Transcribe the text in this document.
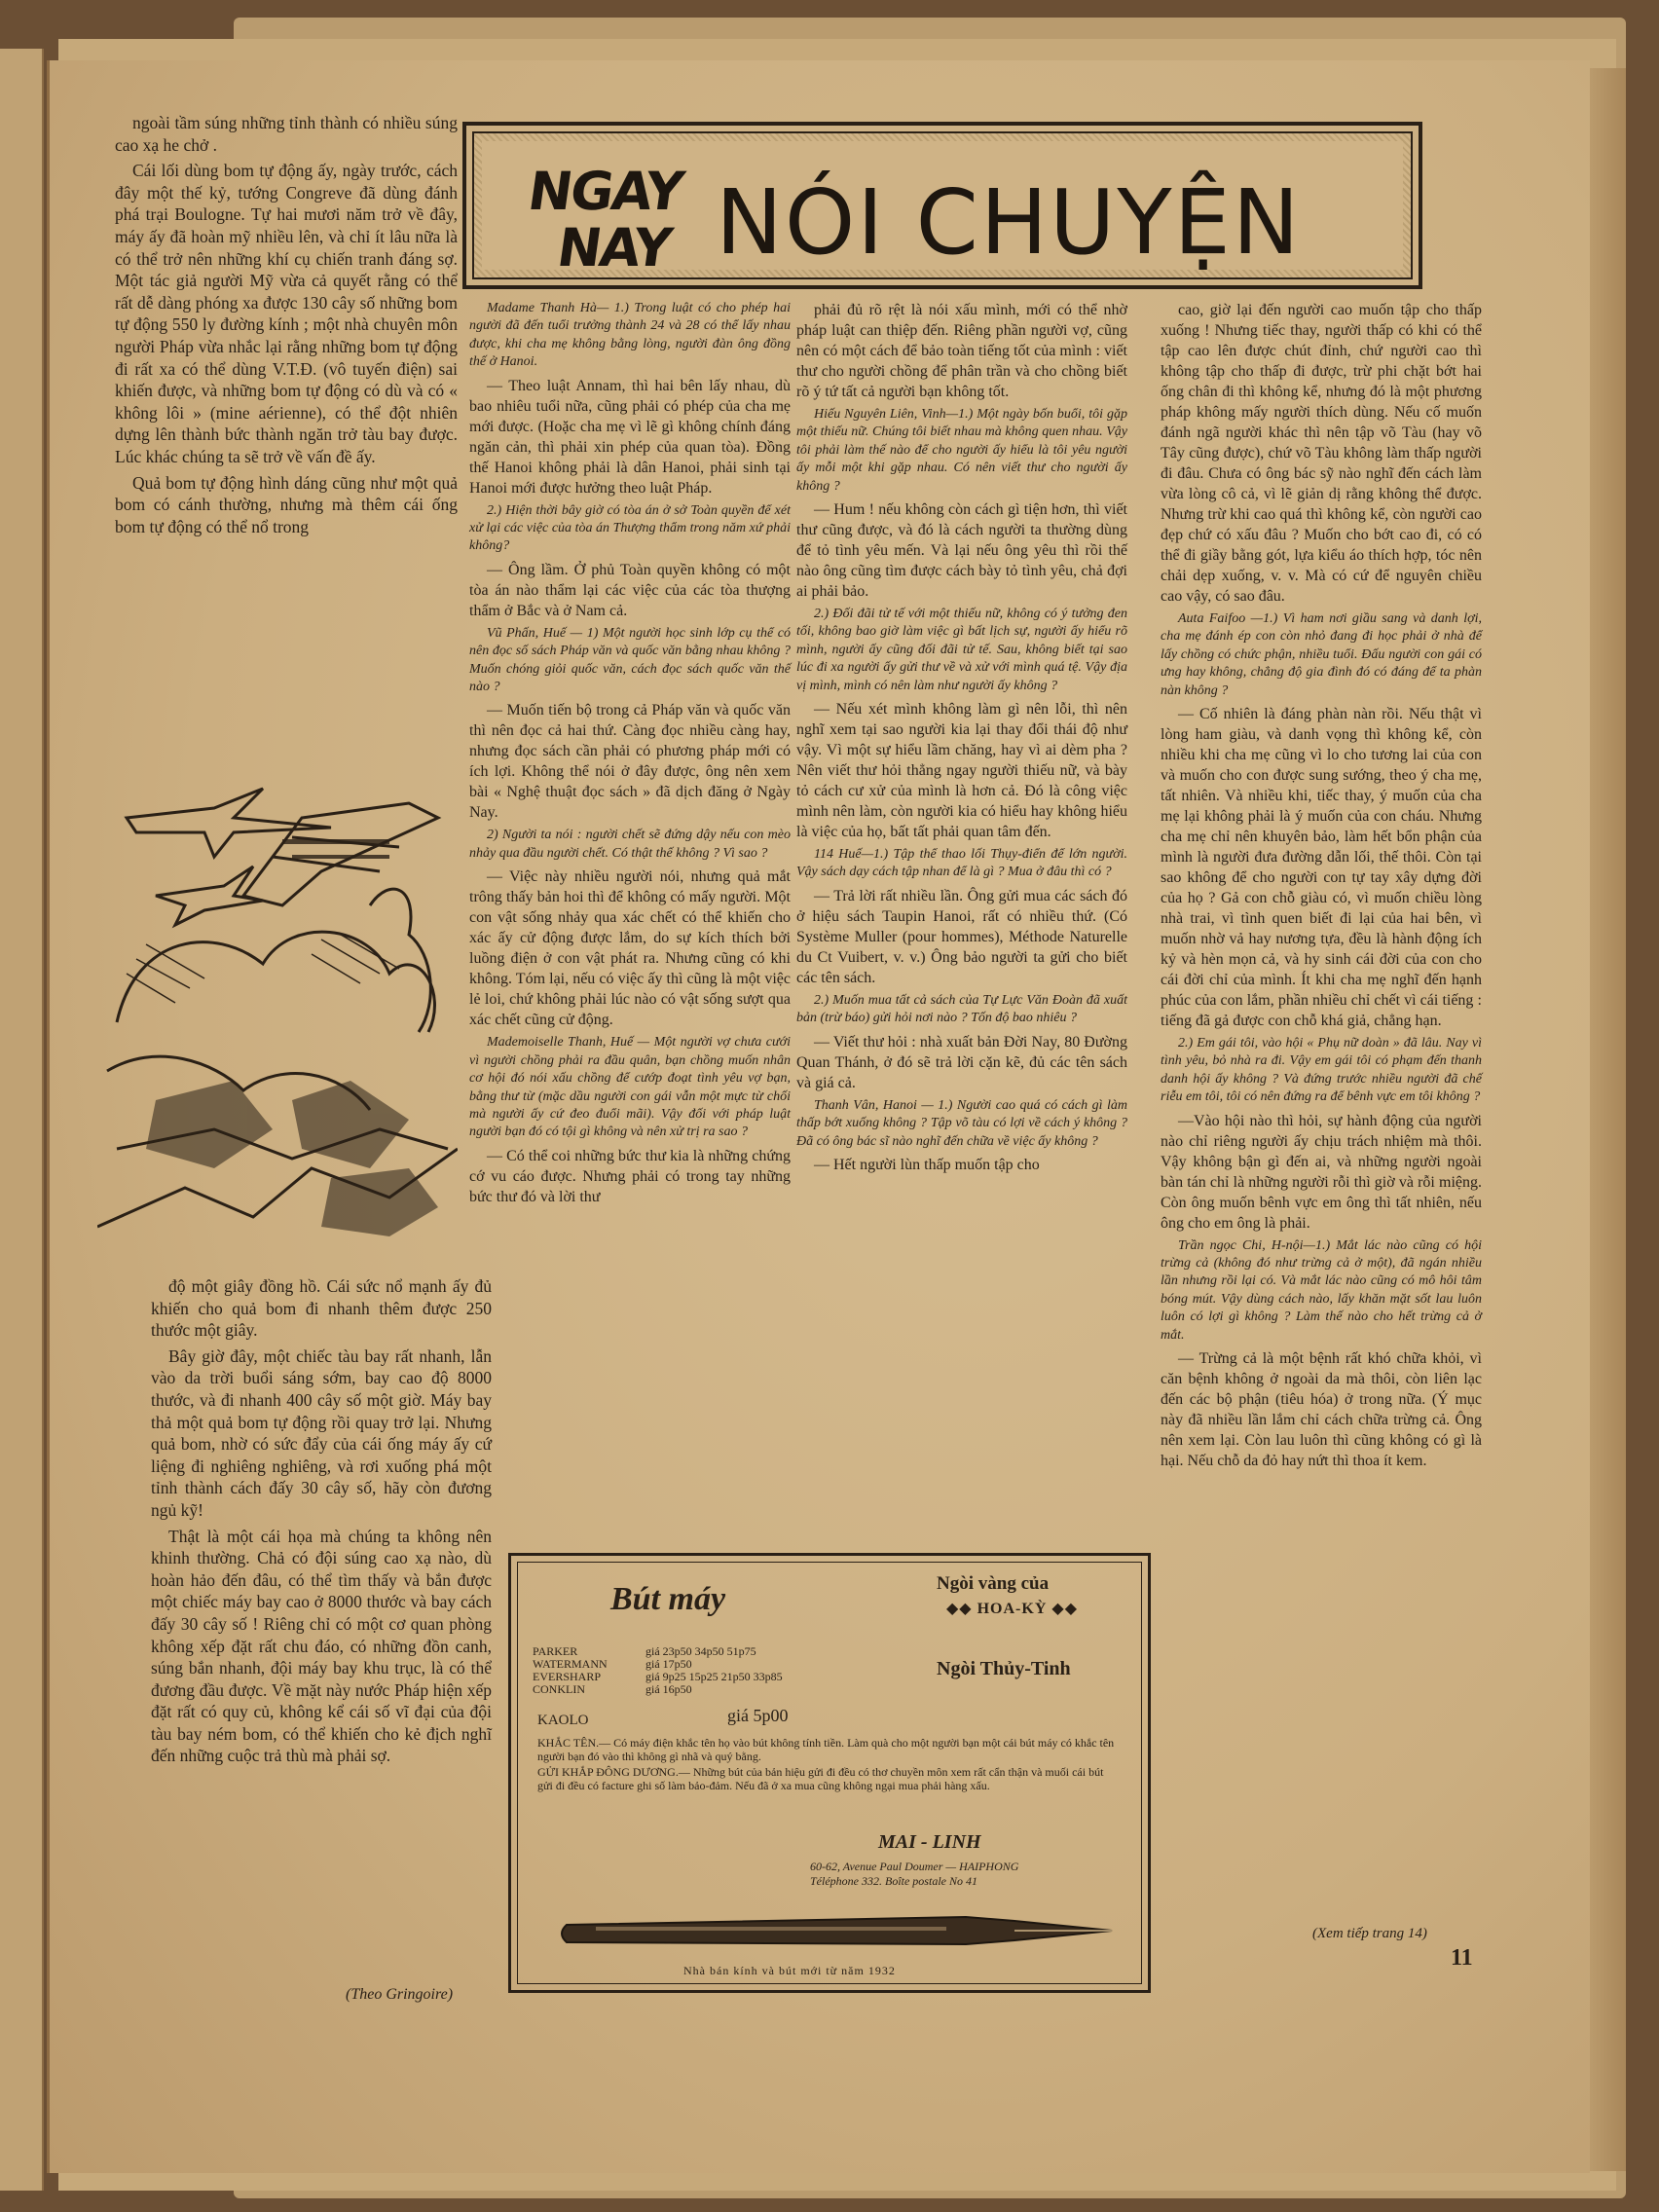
NGAY
NAY NÓI CHUYỆN

ngoài tầm súng những tỉnh thành có nhiều súng cao xạ he chở .

Cái lối dùng bom tự động ấy, ngày trước, cách đây một thế kỷ, tướng Congreve đã dùng đánh phá trại Boulogne. Tự hai mươi năm trở về đây, máy ấy đã hoàn mỹ nhiều lên, và chỉ ít lâu nữa là có thể trở nên những khí cụ chiến tranh đáng sợ. Một tác giả người Mỹ vừa cả quyết rằng có thể rất dễ dàng phóng xa được 130 cây số những bom tự động 550 ly đường kính ; một nhà chuyên môn người Pháp vừa nhắc lại rằng những bom tự động đi rất xa có thể dùng V.T.Đ. (vô tuyến điện) sai khiến được, và những bom tự động có dù và có « không lôi » (mine aérienne), có thể đột nhiên dựng lên thành bức thành ngăn trở tàu bay được. Lúc khác chúng ta sẽ trở về vấn đề ấy.

Quả bom tự động hình dáng cũng như một quả bom có cánh thường, nhưng mà thêm cái ống bom tự động có thể nổ trong

độ một giây đồng hồ. Cái sức nổ mạnh ấy đủ khiến cho quả bom đi nhanh thêm được 250 thước một giây.

Bây giờ đây, một chiếc tàu bay rất nhanh, lẫn vào da trời buổi sáng sớm, bay cao độ 8000 thước, và đi nhanh 400 cây số một giờ. Máy bay thả một quả bom tự động rồi quay trở lại. Nhưng quả bom, nhờ có sức đẩy của cái ống máy ấy cứ liệng đi nghiêng nghiêng, và rơi xuống phá một tỉnh thành cách đấy 30 cây số, hãy còn đương ngủ kỹ!

Thật là một cái họa mà chúng ta không nên khinh thường. Chả có đội súng cao xạ nào, dù hoàn hảo đến đâu, có thể tìm thấy và bắn được một chiếc máy bay cao ở 8000 thước và bay cách đấy 30 cây số ! Riêng chỉ có một cơ quan phòng không xếp đặt rất chu đáo, có những đồn canh, súng bắn nhanh, đội máy bay khu trục, là có thể đương đầu được. Về mặt này nước Pháp hiện xếp đặt rất có quy củ, không kể cái số vĩ đại của đội tàu bay ném bom, có thể khiến cho kẻ địch nghĩ đến những cuộc trả thù mà phải sợ.

(Theo Gringoire)

Madame Thanh Hà— 1.) Trong luật có cho phép hai người đã đến tuổi trưởng thành 24 và 28 có thể lấy nhau được, khi cha mẹ không bằng lòng, người đàn ông đồng thế ở Hanoi.

— Theo luật Annam, thì hai bên lấy nhau, dù bao nhiêu tuổi nữa, cũng phải có phép của cha mẹ mới được. (Hoặc cha mẹ vì lẽ gì không chính đáng ngăn cản, thì phải xin phép của quan tòa). Đồng thế Hanoi không phải là dân Hanoi, phải sinh tại Hanoi mới được hưởng theo luật Pháp.

2.) Hiện thời bây giờ có tòa án ở sở Toàn quyền để xét xử lại các việc của tòa án Thượng thẩm trong năm xứ phải không?

— Ông lầm. Ở phủ Toàn quyền không có một tòa án nào thẩm lại các việc của các tòa thượng thẩm ở Bắc và ở Nam cả.

Vũ Phấn, Huế — 1) Một người học sinh lớp cụ thể có nên đọc số sách Pháp văn và quốc văn bằng nhau không ? Muốn chóng giỏi quốc văn, cách đọc sách quốc văn thế nào ?

— Muốn tiến bộ trong cả Pháp văn và quốc văn thì nên đọc cả hai thứ. Càng đọc nhiều càng hay, nhưng đọc sách cần phải có phương pháp mới có ích lợi. Không thể nói ở đây được, ông nên xem bài « Nghệ thuật đọc sách » đã dịch đăng ở Ngày Nay.

2) Người ta nói : người chết sẽ đứng dậy nếu con mèo nhảy qua đầu người chết. Có thật thế không ? Vì sao ?

— Việc này nhiều người nói, nhưng quả mắt trông thấy bản hoi thì để không có mấy người. Một con vật sống nhảy qua xác chết có thể khiến cho xác ấy cử động được lắm, do sự kích thích bởi luồng điện ở con vật phát ra. Nhưng cũng có khi không. Tóm lại, nếu có việc ấy thì cũng là một việc lẻ loi, chứ không phải lúc nào có vật sống sượt qua xác chết cũng cử động.

Mademoiselle Thanh, Huế — Một người vợ chưa cưới vì người chồng phải ra đầu quân, bạn chồng muốn nhân cơ hội đó nói xấu chồng để cướp đoạt tình yêu vợ bạn, bằng thư từ (mặc dầu người con gái vẫn một mực từ chối mà người ấy cứ đeo đuổi mãi). Vậy đối với pháp luật người bạn đó có tội gì không và nên xử trị ra sao ?

— Có thể coi những bức thư kia là những chứng cớ vu cáo được. Nhưng phải có trong tay những bức thư đó và lời thư

phải đủ rõ rệt là nói xấu mình, mới có thể nhờ pháp luật can thiệp đến. Riêng phần người vợ, cũng nên có một cách để bảo toàn tiếng tốt của mình : viết thư cho người chồng để phân trần và cho chồng biết rõ ý tứ tất cả người bạn không tốt.

Hiếu Nguyên Liên, Vinh—1.) Một ngày bốn buổi, tôi gặp một thiếu nữ. Chúng tôi biết nhau mà không quen nhau. Vậy tôi phải làm thế nào để cho người ấy hiểu là tôi yêu người ấy mỗi một khi gặp nhau. Có nên viết thư cho người ấy không ?

— Hum ! nếu không còn cách gì tiện hơn, thì viết thư cũng được, và đó là cách người ta thường dùng để tỏ tình yêu mến. Và lại nếu ông yêu thì rồi thế nào ông cũng tìm được cách bày tỏ tình yêu, chả đợi ai phải bảo.

2.) Đối đãi tử tế với một thiếu nữ, không có ý tưởng đen tối, không bao giờ làm việc gì bất lịch sự, người ấy hiểu rõ mình, người ấy cũng đối đãi tử tế. Sau, không biết tại sao lúc đi xa người ấy gửi thư về và xử với mình quá tệ. Vậy địa vị mình, mình có nên làm như người ấy không ?

— Nếu xét mình không làm gì nên lỗi, thì nên nghĩ xem tại sao người kia lại thay đổi thái độ như vậy. Vì một sự hiểu lầm chăng, hay vì ai dèm pha ? Nên viết thư hỏi thẳng ngay người thiếu nữ, và bày tỏ cách cư xử của mình là hơn cả. Đó là công việc mình nên làm, còn người kia có hiểu hay không hiểu là việc của họ, bất tất phải quan tâm đến.

114 Huế—1.) Tập thể thao lối Thụy-điển để lớn người. Vậy sách dạy cách tập nhan để là gì ? Mua ở đâu thì có ?

— Trả lời rất nhiều lần. Ông gửi mua các sách đó ở hiệu sách Taupin Hanoi, rất có nhiều thứ. (Có Système Muller (pour hommes), Méthode Naturelle du Ct Vuibert, v. v.) Ông bảo người ta gửi cho biết các tên sách.

2.) Muốn mua tất cả sách của Tự Lực Văn Đoàn đã xuất bản (trừ báo) gửi hỏi nơi nào ? Tốn độ bao nhiêu ?

— Viết thư hỏi : nhà xuất bản Đời Nay, 80 Đường Quan Thánh, ở đó sẽ trả lời cặn kẽ, đủ các tên sách và giá cả.

Thanh Vân, Hanoi — 1.) Người cao quá có cách gì làm thấp bớt xuống không ? Tập võ tàu có lợi về cách ý không ? Đã có ông bác sĩ nào nghĩ đến chữa về việc ấy không ?

— Hết người lùn thấp muốn tập cho

cao, giờ lại đến người cao muốn tập cho thấp xuống ! Nhưng tiếc thay, người thấp có khi có thể tập cao lên được chút đỉnh, chứ người cao thì không tập cho thấp đi được, trừ phi chặt bớt hai ống chân đi thì không kể, nhưng đó là một phương pháp không mấy người thích dùng. Nếu cố muốn đánh ngã người khác thì nên tập võ Tàu (hay võ Tây cũng được), chứ võ Tàu không làm thấp người đi đâu. Chưa có ông bác sỹ nào nghĩ đến cách làm vừa lòng cô cả, vì lẽ giản dị rằng không thể được. Nhưng trừ khi cao quá thì không kể, còn người cao đẹp chứ có xấu đâu ? Muốn cho bớt cao đi, có có thể đi giầy bằng gót, lựa kiểu áo thích hợp, tóc nên chải dẹp xuống, v. v. Mà có cứ để nguyên chiều cao vậy, có sao đâu.

Auta Faifoo —1.) Vì ham nơi giầu sang và danh lợi, cha mẹ đánh ép con còn nhỏ đang đi học phải ở nhà để lấy chồng có chức phận, nhiều tuổi. Đấu người con gái có ưng hay không, chẳng độ gia đình đó có đáng để ta phàn nàn không ?

— Cố nhiên là đáng phàn nàn rồi. Nếu thật vì lòng ham giàu, và danh vọng thì không kể, còn nhiều khi cha mẹ cũng vì lo cho tương lai của con và muốn cho con được sung sướng, theo ý cha mẹ, tất nhiên. Và nhiều khi, tiếc thay, ý muốn của cha mẹ lại không phải là ý muốn của con cháu. Nhưng cha mẹ chỉ nên khuyên bảo, làm hết bổn phận của mình là người đưa đường dẫn lối, thế thôi. Còn tại sao không để cho người con tự tay xây dựng đời của họ ? Gả con chỗ giàu có, vì muốn chiều lòng nhà trai, vì tình quen biết đi lại của hai bên, vì muốn nhờ vả hay nương tựa, đều là hành động ích kỷ và hèn mọn cả, và hy sinh cái đời của con cho cái đời chỉ của mình. Ít khi cha mẹ nghĩ đến hạnh phúc của con lắm, phần nhiều chỉ chết vì cái tiếng : tiếng đã gả được con chỗ khá giả, chẳng hạn.

2.) Em gái tôi, vào hội « Phụ nữ doàn » đã lâu. Nay vì tình yêu, bỏ nhà ra đi. Vậy em gái tôi có phạm đến thanh danh hội ấy không ? Và đứng trước nhiều người đã chế riễu em tôi, tôi có nên đứng ra để bênh vực em tôi không ?

—Vào hội nào thì hỏi, sự hành động của người nào chỉ riêng người ấy chịu trách nhiệm mà thôi. Vậy không bận gì đến ai, và những người ngoài bàn tán chỉ là những người rỗi thì giờ và rỗi miệng. Còn ông muốn bênh vực em ông thì tất nhiên, nếu ông cho em ông là phải.

Trần ngọc Chi, H-nội—1.) Mắt lác nào cũng có hội trừng cả (không đó như trừng cả ở một), đã ngán nhiều lần nhưng rồi lại có. Và mắt lác nào cũng có mô hôi tâm bóng mút. Vậy dùng cách nào, lấy khăn mặt sốt lau luôn luôn có lợi gì không ? Làm thế nào cho hết trừng cả ở mắt.

— Trừng cả là một bệnh rất khó chữa khỏi, vì căn bệnh không ở ngoài da mà thôi, còn liên lạc đến các bộ phận (tiêu hóa) ở trong nữa. (Ý mục này đã nhiều lần lắm chỉ cách chữa trừng cả. Ông nên xem lại. Còn lau luôn thì cũng không có gì là hại. Nếu chỗ da đỏ hay nứt thì thoa ít kem.

(Xem tiếp trang 14)
11
Bút máy	Ngòi vàng của
◆◆ HOA-KỲ ◆◆
Ngòi Thủy-Tinh
PARKER	giá 23p50 34p50 51p75
WATERMANN	giá 17p50
EVERSHARP	giá 9p25 15p25 21p50 33p85
CONKLIN	giá 16p50
KAOLO	giá 5p00
KHẮC TÊN.— Có máy điện khắc tên họ vào bút không tính tiền. Làm quà cho một người bạn một cái bút máy có khắc tên người bạn đó vào thì không gì nhã và quý bằng.
GỬI KHẮP ĐÔNG DƯƠNG.— Những bút của bản hiệu gửi đi đều có thơ chuyền môn xem rất cẩn thận và muối cái bút gửi đi đều có facture ghi số làm bảo-đảm. Nếu đã ở xa mua cũng không ngại mua phải hàng xấu.
MAI - LINH
60-62, Avenue Paul Doumer — HAIPHONG
Téléphone 332. Boîte postale No 41
Nhà bán kính và bút mới từ năm 1932
